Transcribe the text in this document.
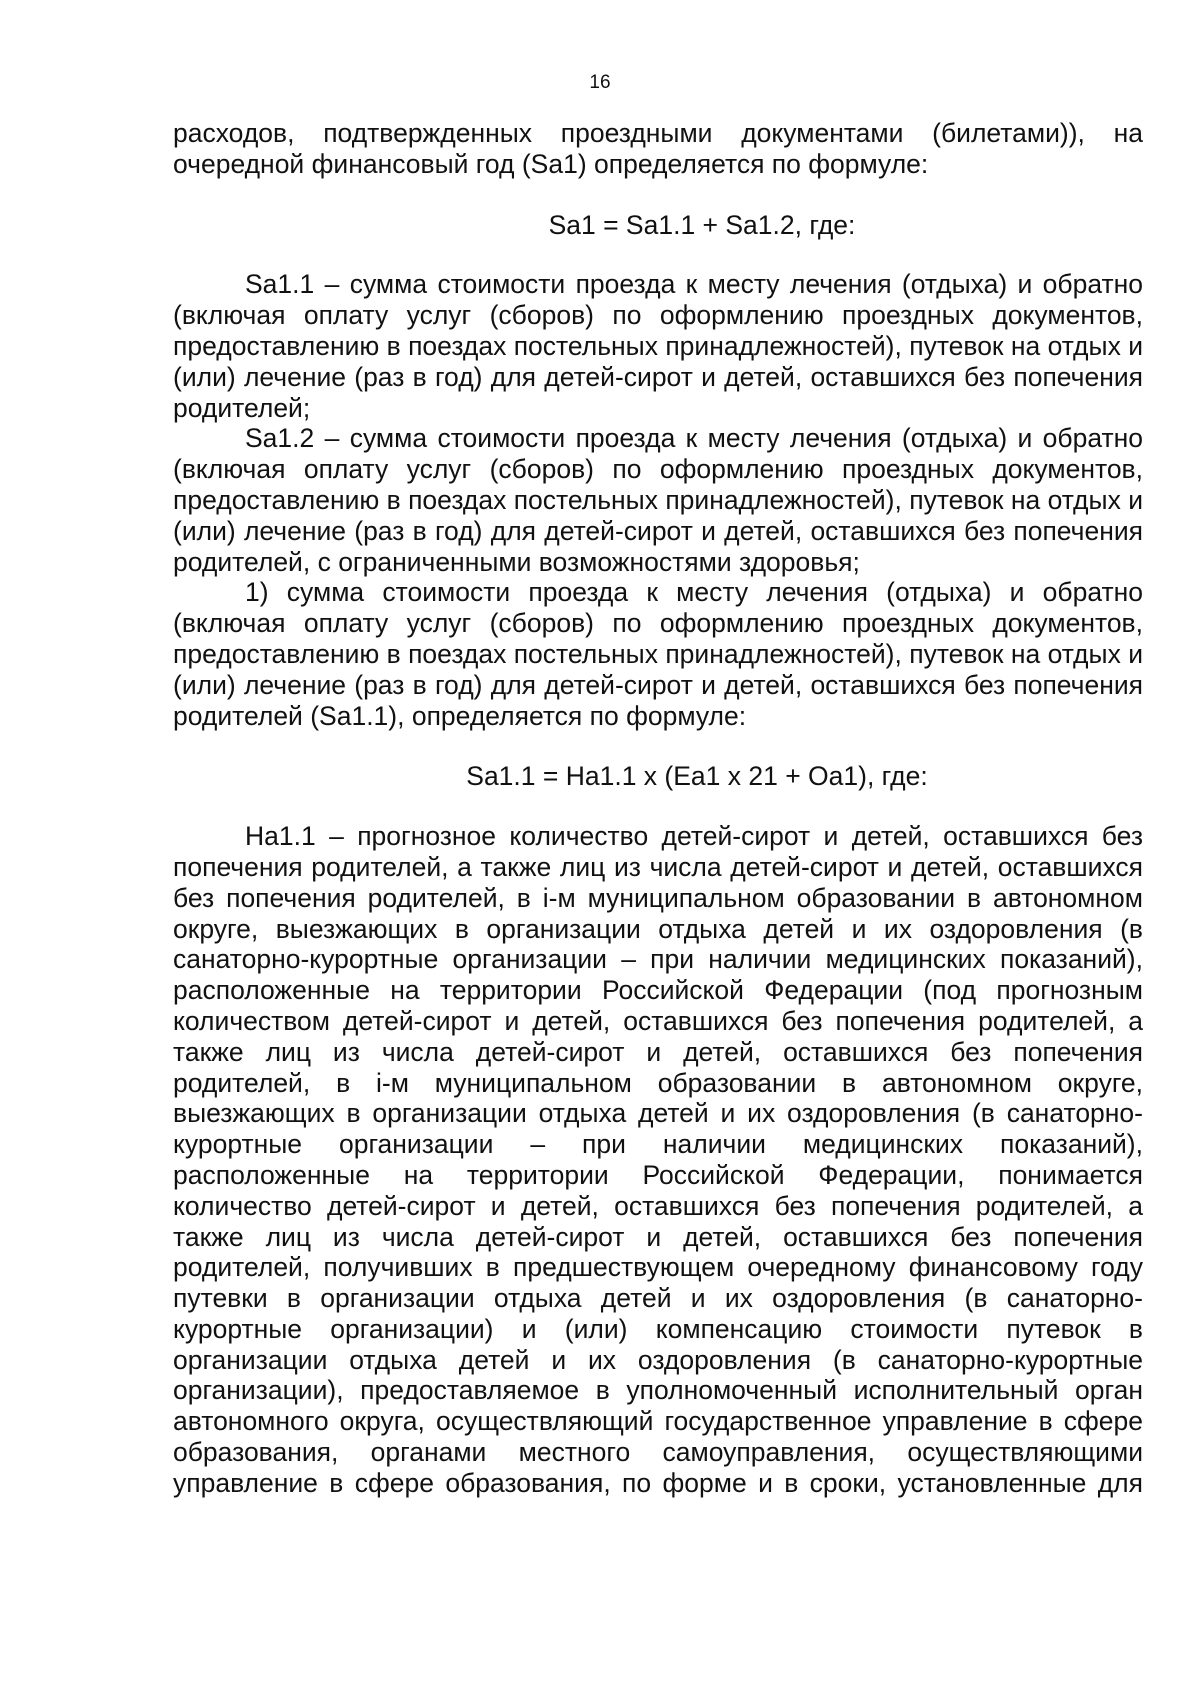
16

расходов, подтвержденных проездными документами (билетами)), на очередной финансовый год (Sa1) определяется по формуле:

Sa1 = Sa1.1 + Sa1.2, где:

Sa1.1 – сумма стоимости проезда к месту лечения (отдыха) и обратно (включая оплату услуг (сборов) по оформлению проездных документов, предоставлению в поездах постельных принадлежностей), путевок на отдых и (или) лечение (раз в год) для детей-сирот и детей, оставшихся без попечения родителей;

Sa1.2 – сумма стоимости проезда к месту лечения (отдыха) и обратно (включая оплату услуг (сборов) по оформлению проездных документов, предоставлению в поездах постельных принадлежностей), путевок на отдых и (или) лечение (раз в год) для детей-сирот и детей, оставшихся без попечения родителей, с ограниченными возможностями здоровья;

1) сумма стоимости проезда к месту лечения (отдыха) и обратно (включая оплату услуг (сборов) по оформлению проездных документов, предоставлению в поездах постельных принадлежностей), путевок на отдых и (или) лечение (раз в год) для детей-сирот и детей, оставшихся без попечения родителей (Sa1.1), определяется по формуле:

Sa1.1 = Ha1.1 x (Ea1 x 21 + Oa1), где:

Ha1.1 – прогнозное количество детей-сирот и детей, оставшихся без попечения родителей, а также лиц из числа детей-сирот и детей, оставшихся без попечения родителей, в i-м муниципальном образовании в автономном округе, выезжающих в организации отдыха детей и их оздоровления (в санаторно-курортные организации – при наличии медицинских показаний), расположенные на территории Российской Федерации (под прогнозным количеством детей-сирот и детей, оставшихся без попечения родителей, а также лиц из числа детей-сирот и детей, оставшихся без попечения родителей, в i-м муниципальном образовании в автономном округе, выезжающих в организации отдыха детей и их оздоровления (в санаторно-курортные организации – при наличии медицинских показаний), расположенные на территории Российской Федерации, понимается количество детей-сирот и детей, оставшихся без попечения родителей, а также лиц из числа детей-сирот и детей, оставшихся без попечения родителей, получивших в предшествующем очередному финансовому году путевки в организации отдыха детей и их оздоровления (в санаторно-курортные организации) и (или) компенсацию стоимости путевок в организации отдыха детей и их оздоровления (в санаторно-курортные организации), предоставляемое в уполномоченный исполнительный орган автономного округа, осуществляющий государственное управление в сфере образования, органами местного самоуправления, осуществляющими управление в сфере образования, по форме и в сроки, установленные для
